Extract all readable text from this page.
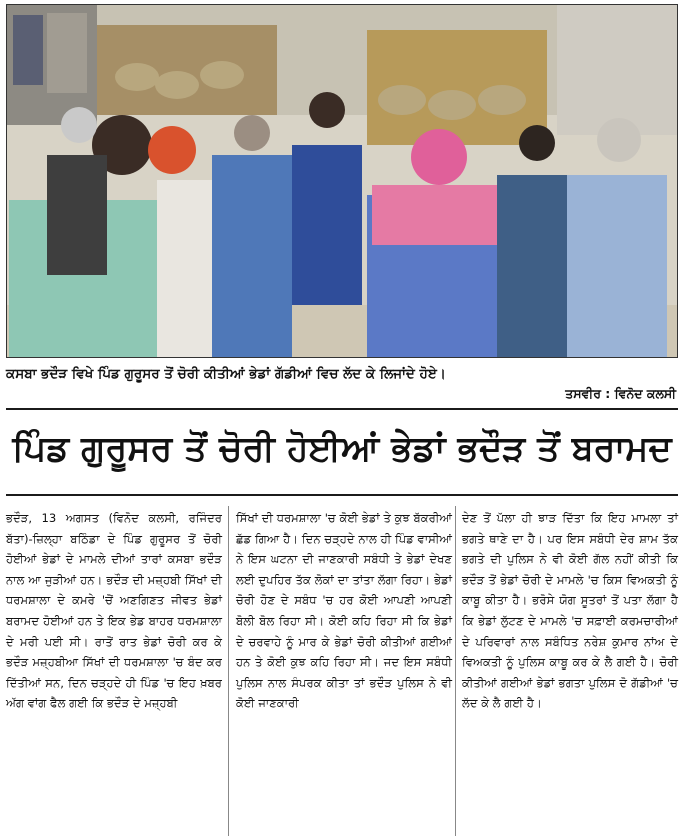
ਕਸਬਾ ਭਦੌੜ ਵਿਖੇ ਪਿੰਡ ਗੁਰੂਸਰ ਤੋਂ ਚੋਰੀ ਕੀਤੀਆਂ ਭੇਡਾਂ ਗੱਡੀਆਂ ਵਿਚ ਲੱਦ ਕੇ ਲਿਜਾਂਦੇ ਹੋਏ।
ਤਸਵੀਰ : ਵਿਨੋਦ ਕਲਸੀ
ਪਿੰਡ ਗੁਰੂਸਰ ਤੋਂ ਚੋਰੀ ਹੋਈਆਂ ਭੇਡਾਂ ਭਦੌੜ ਤੋਂ ਬਰਾਮਦ

ਭਦੌੜ, 13 ਅਗਸਤ (ਵਿਨੋਦ ਕਲਸੀ, ਰਜਿੰਦਰ ਬੱਤਾ)-ਜ਼ਿਲ੍ਹਾ ਬਠਿੰਡਾ ਦੇ ਪਿੰਡ ਗੁਰੂਸਰ ਤੋਂ ਚੋਰੀ ਹੋਈਆਂ ਭੇਡਾਂ ਦੇ ਮਾਮਲੇ ਦੀਆਂ ਤਾਰਾਂ ਕਸਬਾ ਭਦੌੜ ਨਾਲ ਆ ਜੁੜੀਆਂ ਹਨ। ਭਦੌੜ ਦੀ ਮਜ਼੍ਹਬੀ ਸਿੱਖਾਂ ਦੀ ਧਰਮਸ਼ਾਲਾ ਦੇ ਕਮਰੇ 'ਚੋਂ ਅਣਗਿਣਤ ਜੀਵਤ ਭੇਡਾਂ ਬਰਾਮਦ ਹੋਈਆਂ ਹਨ ਤੇ ਇਕ ਭੇਡ ਬਾਹਰ ਧਰਮਸ਼ਾਲਾ ਦੇ ਮਰੀ ਪਈ ਸੀ। ਰਾਤੋਂ ਰਾਤ ਭੇਡਾਂ ਚੋਰੀ ਕਰ ਕੇ ਭਦੌੜ ਮਜ਼੍ਹਬੀਆ ਸਿੱਖਾਂ ਦੀ ਧਰਮਸ਼ਾਲਾ 'ਚ ਬੰਦ ਕਰ ਦਿੱਤੀਆਂ ਸਨ, ਦਿਨ ਚੜ੍ਹਦੇ ਹੀ ਪਿੰਡ 'ਚ ਇਹ ਖ਼ਬਰ ਅੱਗ ਵਾਂਗ ਫੈਲ ਗਈ ਕਿ ਭਦੌੜ ਦੇ ਮਜ਼੍ਹਬੀ

ਸਿੱਖਾਂ ਦੀ ਧਰਮਸ਼ਾਲਾ 'ਚ ਕੋਈ ਭੇਡਾਂ ਤੇ ਕੁਝ ਬੱਕਰੀਆਂ ਛੱਡ ਗਿਆ ਹੈ। ਦਿਨ ਚੜ੍ਹਦੇ ਨਾਲ ਹੀ ਪਿੰਡ ਵਾਸੀਆਂ ਨੇ ਇਸ ਘਟਨਾ ਦੀ ਜਾਣਕਾਰੀ ਸਬੰਧੀ ਤੇ ਭੇਡਾਂ ਦੇਖਣ ਲਈ ਦੁਪਹਿਰ ਤੱਕ ਲੋਕਾਂ ਦਾ ਤਾਂਤਾ ਲੱਗਾ ਰਿਹਾ। ਭੇਡਾਂ ਚੋਰੀ ਹੋਣ ਦੇ ਸਬੰਧ 'ਚ ਹਰ ਕੋਈ ਆਪਣੀ ਆਪਣੀ ਬੋਲੀ ਬੋਲ ਰਿਹਾ ਸੀ। ਕੋਈ ਕਹਿ ਰਿਹਾ ਸੀ ਕਿ ਭੇਡਾਂ ਦੇ ਚਰਵਾਹੇ ਨੂੰ ਮਾਰ ਕੇ ਭੇਡਾਂ ਚੋਰੀ ਕੀਤੀਆਂ ਗਈਆਂ ਹਨ ਤੇ ਕੋਈ ਕੁਝ ਕਹਿ ਰਿਹਾ ਸੀ। ਜਦ ਇਸ ਸਬੰਧੀ ਪੁਲਿਸ ਨਾਲ ਸੰਪਰਕ ਕੀਤਾ ਤਾਂ ਭਦੌੜ ਪੁਲਿਸ ਨੇ ਵੀ ਕੋਈ ਜਾਣਕਾਰੀ

ਦੇਣ ਤੋਂ ਪੱਲਾ ਹੀ ਝਾੜ ਦਿੱਤਾ ਕਿ ਇਹ ਮਾਮਲਾ ਤਾਂ ਭਗਤੇ ਥਾਣੇ ਦਾ ਹੈ। ਪਰ ਇਸ ਸਬੰਧੀ ਦੇਰ ਸ਼ਾਮ ਤੱਕ ਭਗਤੇ ਦੀ ਪੁਲਿਸ ਨੇ ਵੀ ਕੋਈ ਗੱਲ ਨਹੀਂ ਕੀਤੀ ਕਿ ਭਦੌੜ ਤੋਂ ਭੇਡਾਂ ਚੋਰੀ ਦੇ ਮਾਮਲੇ 'ਚ ਕਿਸ ਵਿਅਕਤੀ ਨੂੰ ਕਾਬੂ ਕੀਤਾ ਹੈ। ਭਰੋਸੇ ਯੋਗ ਸੂਤਰਾਂ ਤੋਂ ਪਤਾ ਲੱਗਾ ਹੈ ਕਿ ਭੇਡਾਂ ਲੁੱਟਣ ਦੇ ਮਾਮਲੇ 'ਚ ਸਫ਼ਾਈ ਕਰਮਚਾਰੀਆਂ ਦੇ ਪਰਿਵਾਰਾਂ ਨਾਲ ਸਬੰਧਿਤ ਨਰੇਸ਼ ਕੁਮਾਰ ਨਾਂਅ ਦੇ ਵਿਅਕਤੀ ਨੂੰ ਪੁਲਿਸ ਕਾਬੂ ਕਰ ਕੇ ਲੈ ਗਈ ਹੈ। ਚੋਰੀ ਕੀਤੀਆਂ ਗਈਆਂ ਭੇਡਾਂ ਭਗਤਾ ਪੁਲਿਸ ਦੋ ਗੱਡੀਆਂ 'ਚ ਲੱਦ ਕੇ ਲੈ ਗਈ ਹੈ।
